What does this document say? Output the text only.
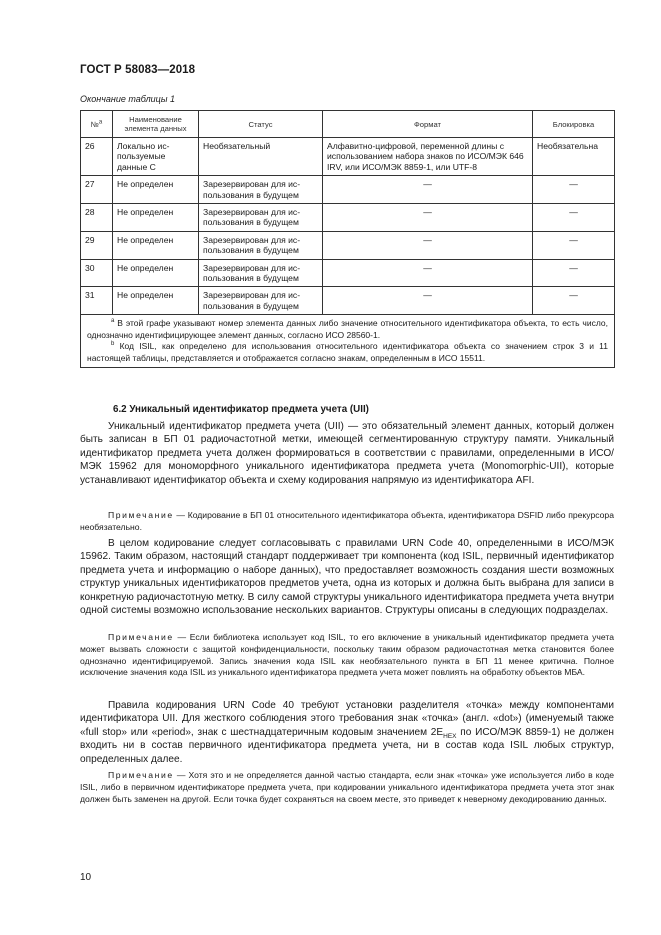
ГОСТ Р 58083—2018
Окончание таблицы 1
№$^a$	Наименование элемента данных	Статус	Формат	Блокировка
26	Локально ис- пользуемые данные С	Необязательный	Алфавитно-цифровой, переменной длины с использованием набора знаков по ИСО/МЭК 646 IRV, или ИСО/МЭК 8859-1, или UTF-8	Необязательна
27	Не определен	Зарезервирован для ис- пользования в будущем	—	—
28	Не определен	Зарезервирован для ис- пользования в будущем	—	—
29	Не определен	Зарезервирован для ис- пользования в будущем	—	—
30	Не определен	Зарезервирован для ис- пользования в будущем	—	—
31	Не определен	Зарезервирован для ис- пользования в будущем	—	—

$^a$ В этой графе указывают номер элемента данных либо значение относительного идентификатора объекта, то есть число, однозначно идентифицирующее элемент данных, согласно ИСО 28560-1.

$^b$ Код ISIL, как определено для использования относительного идентификатора объекта со значением строк 3 и 11 настоящей таблицы, представляется и отображается согласно знакам, определенным в ИСО 15511.				

6.2 Уникальный идентификатор предмета учета (UII)

Уникальный идентификатор предмета учета (UII) — это обязательный элемент данных, который должен быть записан в БП 01 радиочастотной метки, имеющей сегментированную структуру памяти. Уникальный идентификатор предмета учета должен формироваться в соответствии с правилами, определенными в ИСО/МЭК 15962 для мономорфного уникального идентификатора предмета учета (Monomorphic-UII), которые устанавливают идентификатор объекта и схему кодирования напрямую из идентификатора AFI.

Примечание — Кодирование в БП 01 относительного идентификатора объекта, идентификатора DSFID либо прекурсора необязательно.

В целом кодирование следует согласовывать с правилами URN Code 40, определенными в ИСО/МЭК 15962. Таким образом, настоящий стандарт поддерживает три компонента (код ISIL, первичный идентификатор предмета учета и информацию о наборе данных), что предоставляет возможность создания шести возможных структур уникальных идентификаторов предметов учета, одна из которых и должна быть выбрана для записи в конкретную радиочастотную метку. В силу самой структуры уникального идентификатора предмета учета внутри одной системы возможно использование нескольких вариантов. Структуры описаны в следующих подразделах.

Примечание — Если библиотека использует код ISIL, то его включение в уникальный идентификатор предмета учета может вызвать сложности с защитой конфиденциальности, поскольку таким образом радиочастотная метка становится более однозначно идентифицируемой. Запись значения кода ISIL как необязательного пункта в БП 11 менее критична. Полное исключение значения кода ISIL из уникального идентификатора предмета учета может повлиять на обработку объектов МБА.

Правила кодирования URN Code 40 требуют установки разделителя «точка» между компонентами идентификатора UII. Для жесткого соблюдения этого требования знак «точка» (англ. «dot») (именуемый также «full stop» или «period», знак с шестнадцатеричным кодовым значением $2E_{HEX}$ по ИСО/МЭК 8859-1) не должен входить ни в состав первичного идентификатора предмета учета, ни в состав кода ISIL любых структур, определенных далее.

Примечание — Хотя это и не определяется данной частью стандарта, если знак «точка» уже используется либо в коде ISIL, либо в первичном идентификаторе предмета учета, при кодировании уникального идентификатора предмета учета этот знак должен быть заменен на другой. Если точка будет сохраняться на своем месте, это приведет к неверному декодированию данных.

10
